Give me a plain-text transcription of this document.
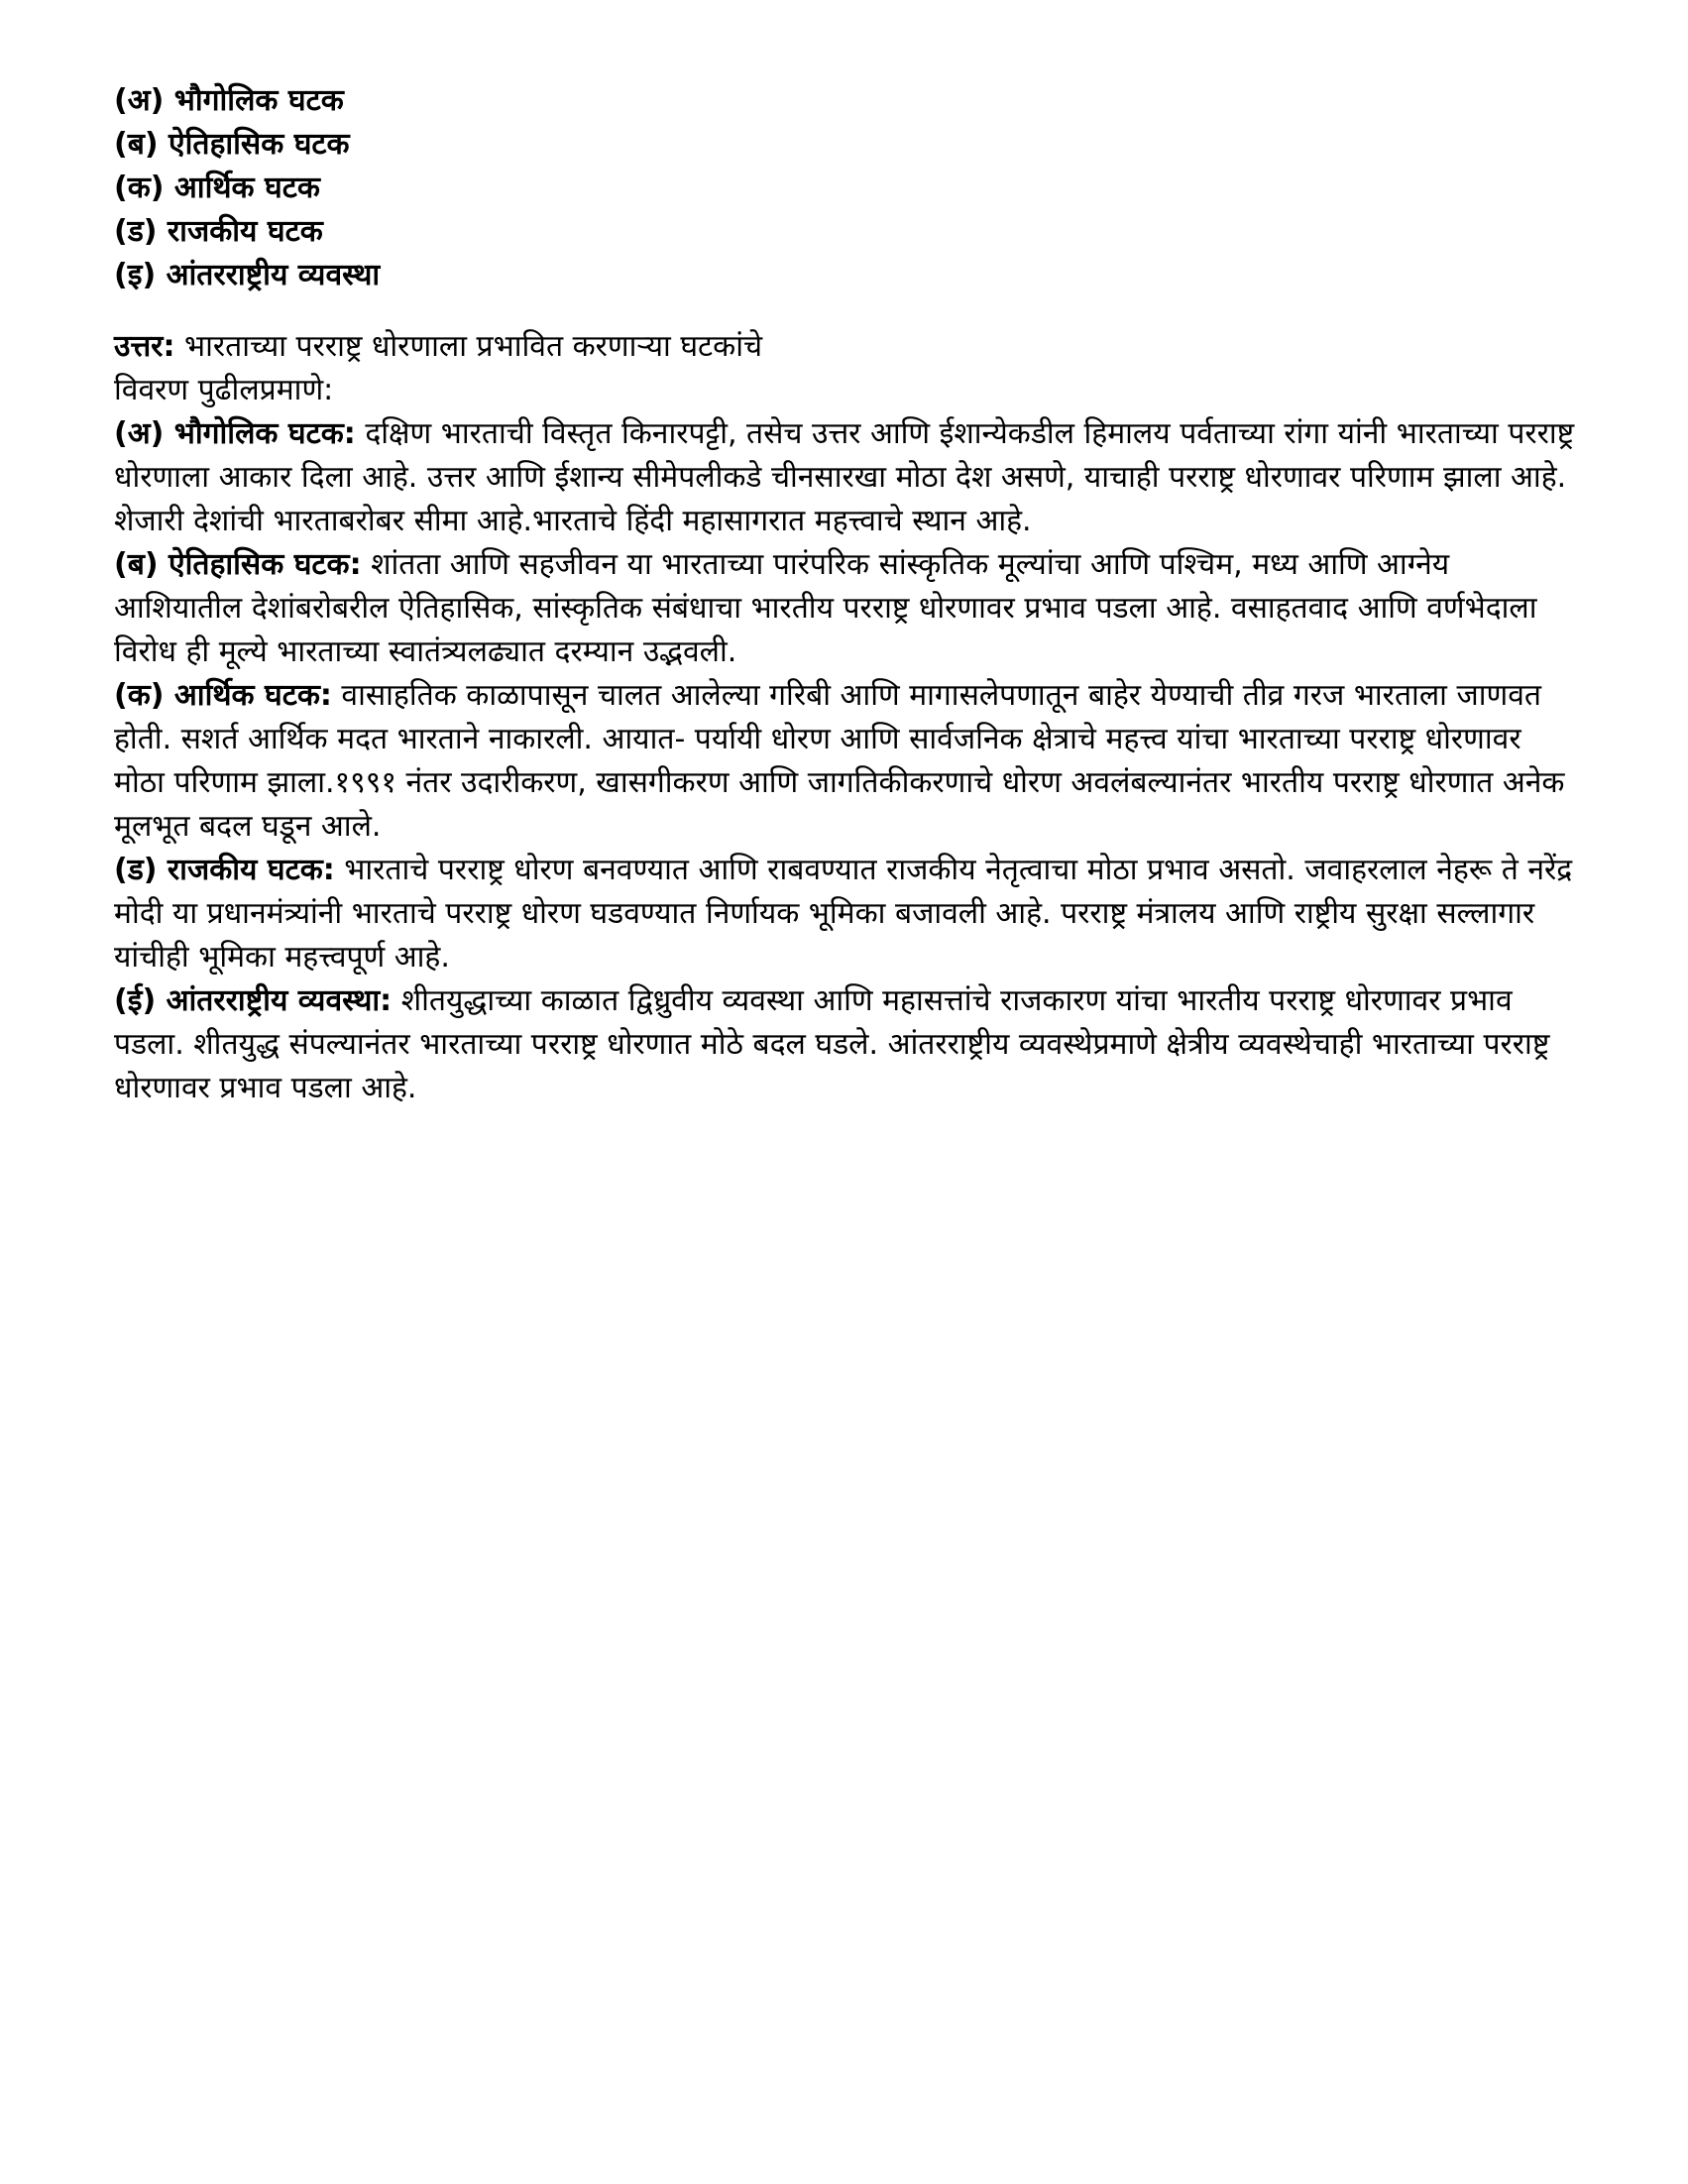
(अ) भौगोलिक घटक
(ब) ऐतिहासिक घटक
(क) आर्थिक घटक
(ड) राजकीय घटक
(इ) आंतरराष्ट्रीय व्यवस्था

उत्तर: भारताच्या परराष्ट्र धोरणाला प्रभावित करणाऱ्या घटकांचे
विवरण पुढीलप्रमाणे:

(अ) भौगोलिक घटक: दक्षिण भारताची विस्तृत किनारपट्टी, तसेच उत्तर आणि ईशान्येकडील हिमालय पर्वताच्या रांगा यांनी भारताच्या परराष्ट्र धोरणाला आकार दिला आहे. उत्तर आणि ईशान्य सीमेपलीकडे चीनसारखा मोठा देश असणे, याचाही परराष्ट्र धोरणावर परिणाम झाला आहे. शेजारी देशांची भारताबरोबर सीमा आहे.भारताचे हिंदी महासागरात महत्त्वाचे स्थान आहे.

(ब) ऐतिहासिक घटक: शांतता आणि सहजीवन या भारताच्या पारंपरिक सांस्कृतिक मूल्यांचा आणि पश्चिम, मध्य आणि आग्नेय आशियातील देशांबरोबरील ऐतिहासिक, सांस्कृतिक संबंधाचा भारतीय परराष्ट्र धोरणावर प्रभाव पडला आहे. वसाहतवाद आणि वर्णभेदाला विरोध ही मूल्ये भारताच्या स्वातंत्र्यलढ्यात दरम्यान उद्भवली.

(क) आर्थिक घटक: वासाहतिक काळापासून चालत आलेल्या गरिबी आणि मागासलेपणातून बाहेर येण्याची तीव्र गरज भारताला जाणवत होती. सशर्त आर्थिक मदत भारताने नाकारली. आयात- पर्यायी धोरण आणि सार्वजनिक क्षेत्राचे महत्त्व यांचा भारताच्या परराष्ट्र धोरणावर मोठा परिणाम झाला.१९९१ नंतर उदारीकरण, खासगीकरण आणि जागतिकीकरणाचे धोरण अवलंबल्यानंतर भारतीय परराष्ट्र धोरणात अनेक मूलभूत बदल घडून आले.

(ड) राजकीय घटक: भारताचे परराष्ट्र धोरण बनवण्यात आणि राबवण्यात राजकीय नेतृत्वाचा मोठा प्रभाव असतो. जवाहरलाल नेहरू ते नरेंद्र मोदी या प्रधानमंत्र्यांनी भारताचे परराष्ट्र धोरण घडवण्यात निर्णायक भूमिका बजावली आहे. परराष्ट्र मंत्रालय आणि राष्ट्रीय सुरक्षा सल्लागार यांचीही भूमिका महत्त्वपूर्ण आहे.

(ई) आंतरराष्ट्रीय व्यवस्था: शीतयुद्धाच्या काळात द्विध्रुवीय व्यवस्था आणि महासत्तांचे राजकारण यांचा भारतीय परराष्ट्र धोरणावर प्रभाव पडला. शीतयुद्ध संपल्यानंतर भारताच्या परराष्ट्र धोरणात मोठे बदल घडले. आंतरराष्ट्रीय व्यवस्थेप्रमाणे क्षेत्रीय व्यवस्थेचाही भारताच्या परराष्ट्र धोरणावर प्रभाव पडला आहे.
